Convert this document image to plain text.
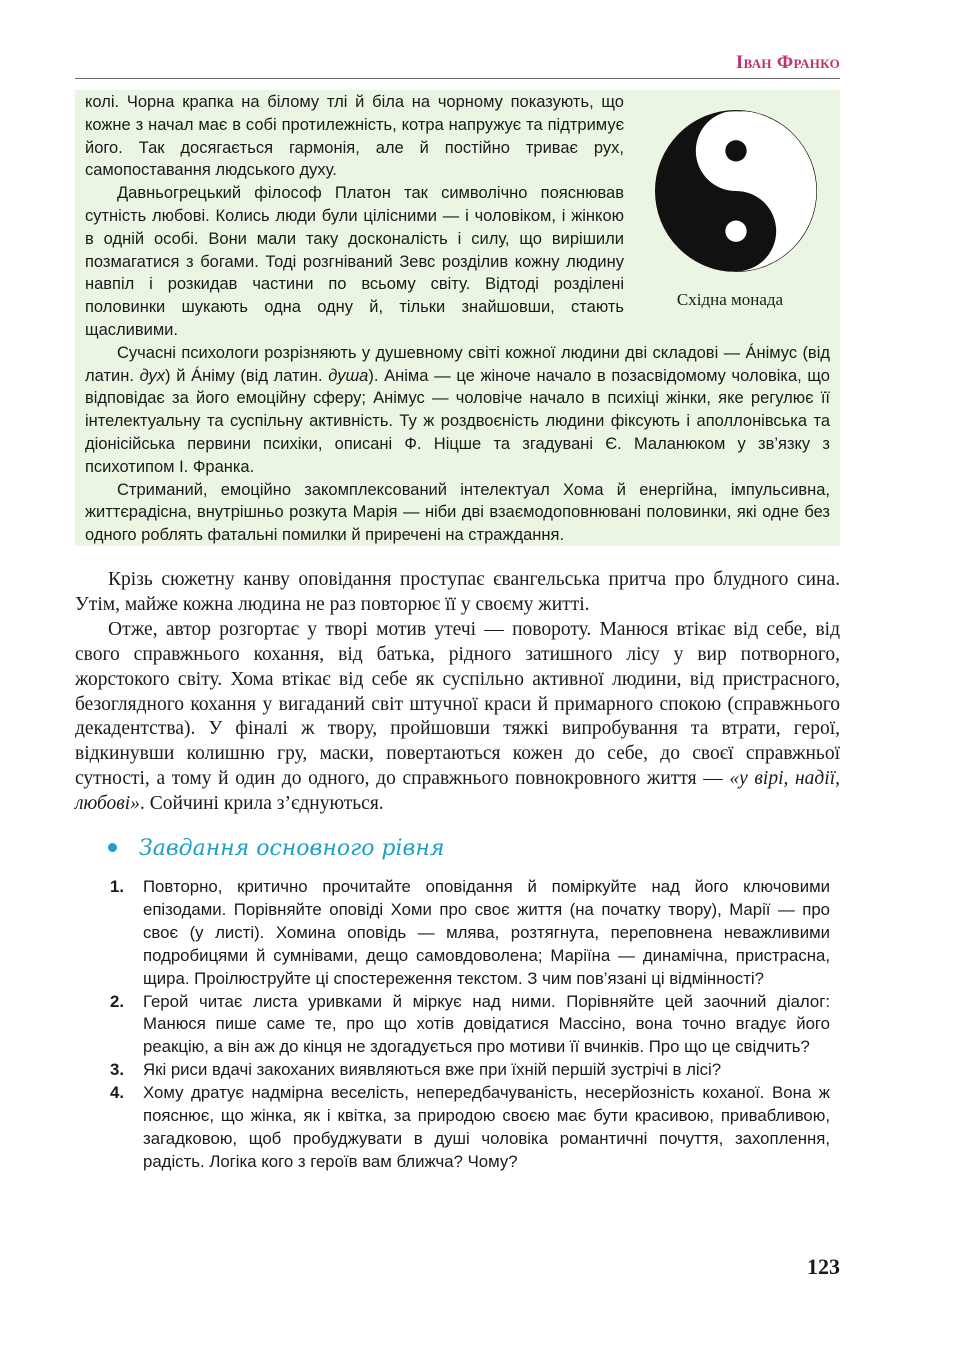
Іван Франко
Східна монада

колі. Чорна крапка на білому тлі й біла на чорному показують, що кожне з начал має в собі протилежність, котра напружує та підтримує його. Так досягається гармонія, але й постійно триває рух, самопоставання людського духу.

Давньогрецький філософ Платон так символічно пояснював сутність любові. Колись люди були цілісними — і чоловіком, і жінкою в одній особі. Вони мали таку досконалість і силу, що вирішили позмагатися з богами. Тоді розгніваний Зевс розділив кожну людину навпіл і розкидав частини по всьому світу. Відтоді розділені половинки шукають одна одну й, тільки знайшовши, стають щасливими.

Сучасні психологи розрізняють у душевному світі кожної людини дві складові — Áнімус (від латин. дух) й Áніму (від латин. душа). Аніма — це жіноче начало в позасвідомому чоловіка, що відповідає за його емоційну сферу; Анімус — чоловіче начало в психіці жінки, яке регулює її інтелектуальну та суспільну активність. Ту ж роздвоєність людини фіксують і аполлонівська та діонісійська первини психіки, описані Ф. Ніцше та згадувані Є. Маланюком у зв’язку з психотипом І. Франка.

Стриманий, емоційно закомплексований інтелектуал Хома й енергійна, імпульсивна, життєрадісна, внутрішньо розкута Марія — ніби дві взаємодоповнювані половинки, які одне без одного роблять фатальні помилки й приречені на страждання.

Крізь сюжетну канву оповідання проступає євангельська притча про блудного сина. Утім, майже кожна людина не раз повторює її у своєму житті.

Отже, автор розгортає у творі мотив утечі — повороту. Манюся втікає від себе, від свого справжнього кохання, від батька, рідного затишного лісу у вир потворного, жорстокого світу. Хома втікає від себе як суспільно активної людини, від пристрасного, безоглядного кохання у вигаданий світ штучної краси й примарного спокою (справжнього декадентства). У фіналі ж твору, пройшовши тяжкі випробування та втрати, герої, відкинувши колишню гру, маски, повертаються кожен до себе, до своєї справжньої сутності, а тому й один до одного, до справжнього повнокровного життя — «у вірі, надії, любові». Сойчині крила з’єднуються.

Завдання основного рівня
1. Повторно, критично прочитайте оповідання й поміркуйте над його ключовими епізодами. Порівняйте оповіді Хоми про своє життя (на початку твору), Марії — про своє (у листі). Хомина оповідь — млява, розтягнута, переповнена неважливими подробицями й сумнівами, дещо самовдоволена; Маріїна — динамічна, пристрасна, щира. Проілюструйте ці спостереження текстом. З чим пов’язані ці відмінності?
2. Герой читає листа уривками й міркує над ними. Порівняйте цей заочний діалог: Манюся пише саме те, про що хотів довідатися Массіно, вона точно вгадує його реакцію, а він аж до кінця не здогадується про мотиви її вчинків. Про що це свідчить?
3. Які риси вдачі закоханих виявляються вже при їхній першій зустрічі в лісі?
4. Хому дратує надмірна веселість, непередбачуваність, несерйозність коханої. Вона ж пояснює, що жінка, як і квітка, за природою своєю має бути красивою, привабливою, загадковою, щоб пробуджувати в душі чоловіка романтичні почуття, захоплення, радість. Логіка кого з героїв вам ближча? Чому?
123
